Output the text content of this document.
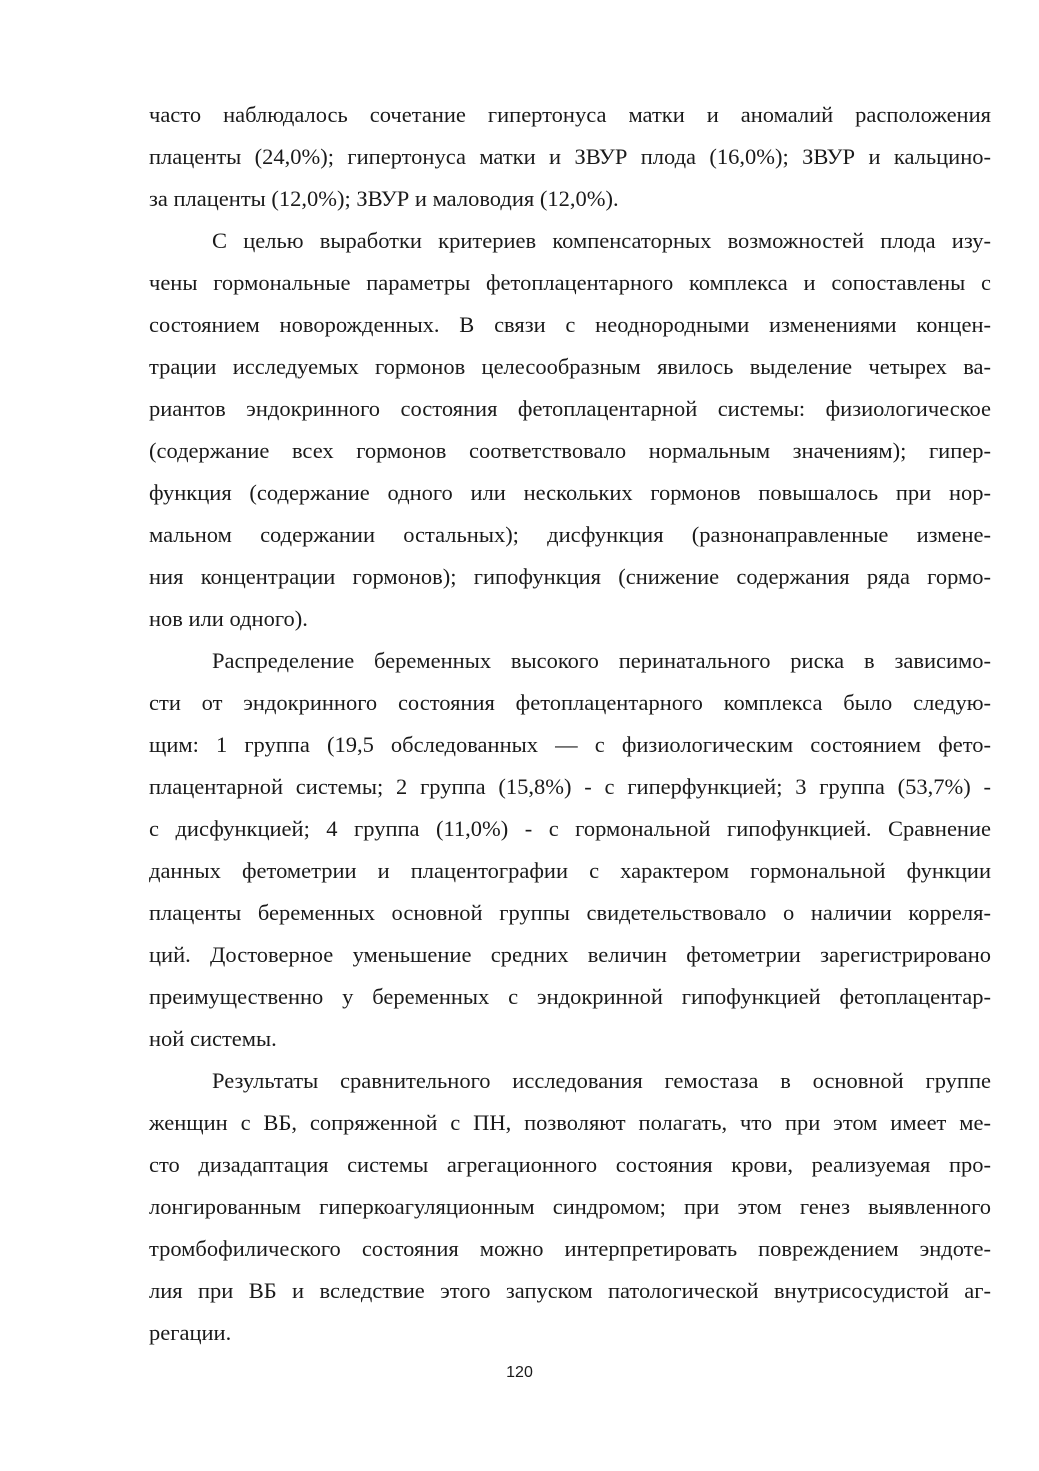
часто наблюдалось сочетание гипертонуса матки и аномалий расположения
плаценты (24,0%); гипертонуса матки и ЗВУР плода (16,0%); ЗВУР и кальцино-
за плаценты (12,0%); ЗВУР и маловодия (12,0%).
С целью выработки критериев компенсаторных возможностей плода изу-
чены гормональные параметры фетоплацентарного комплекса и сопоставлены с
состоянием новорожденных. В связи с неоднородными изменениями концен-
трации исследуемых гормонов целесообразным явилось выделение четырех ва-
риантов эндокринного состояния фетоплацентарной системы: физиологическое
(содержание всех гормонов соответствовало нормальным значениям); гипер-
функция (содержание одного или нескольких гормонов повышалось при нор-
мальном содержании остальных); дисфункция (разнонаправленные измене-
ния концентрации гормонов); гипофункция (снижение содержания ряда гормо-
нов или одного).
Распределение беременных высокого перинатального риска в зависимо-
сти от эндокринного состояния фетоплацентарного комплекса было следую-
щим: 1 группа (19,5 обследованных — с физиологическим состоянием фето-
плацентарной системы; 2 группа (15,8%) - с гиперфункцией; 3 группа (53,7%) -
с дисфункцией; 4 группа (11,0%) - с гормональной гипофункцией. Сравнение
данных фетометрии и плацентографии с характером гормональной функции
плаценты беременных основной группы свидетельствовало о наличии корреля-
ций. Достоверное уменьшение средних величин фетометрии зарегистрировано
преимущественно у беременных с эндокринной гипофункцией фетоплацентар-
ной системы.
Результаты сравнительного исследования гемостаза в основной группе
женщин с ВБ, сопряженной с ПН, позволяют полагать, что при этом имеет ме-
сто дизадаптация системы агрегационного состояния крови, реализуемая про-
лонгированным гиперкоагуляционным синдромом; при этом генез выявленного
тромбофилического состояния можно интерпретировать повреждением эндоте-
лия при ВБ и вследствие этого запуском патологической внутрисосудистой аг-
регации.
120
